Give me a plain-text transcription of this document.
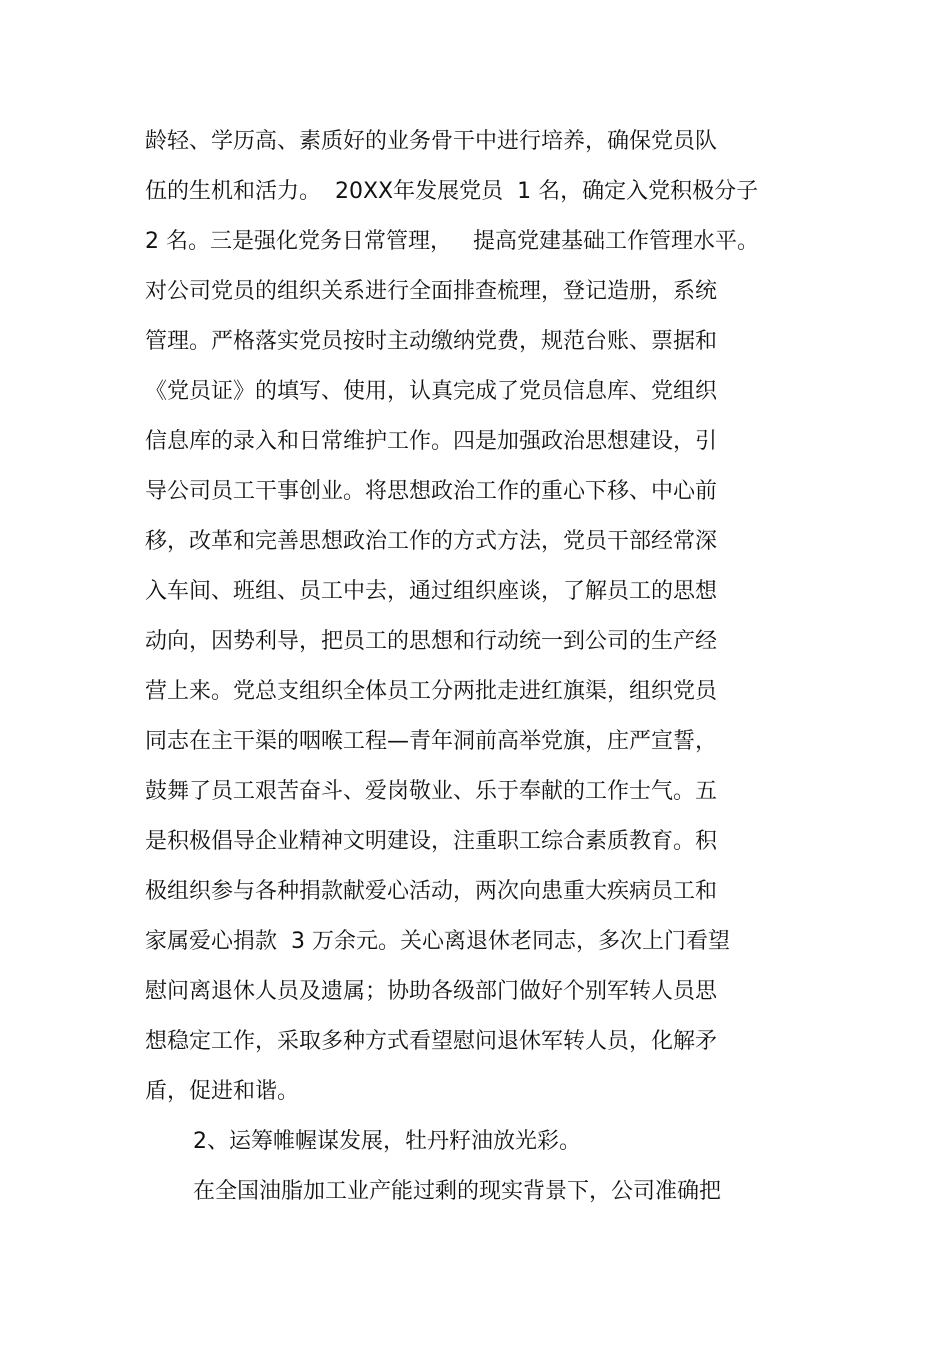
龄轻、学历高、素质好的业务骨干中进行培养，确保党员队
伍的生机和活力。  20XX年发展党员  1 名，确定入党积极分子
2 名。三是强化党务日常管理，   提高党建基础工作管理水平。
对公司党员的组织关系进行全面排查梳理，登记造册，系统
管理。严格落实党员按时主动缴纳党费，规范台账、票据和
《党员证》的填写、使用，认真完成了党员信息库、党组织
信息库的录入和日常维护工作。四是加强政治思想建设，引
导公司员工干事创业。将思想政治工作的重心下移、中心前
移，改革和完善思想政治工作的方式方法，党员干部经常深
入车间、班组、员工中去，通过组织座谈，了解员工的思想
动向，因势利导，把员工的思想和行动统一到公司的生产经
营上来。党总支组织全体员工分两批走进红旗渠，组织党员
同志在主干渠的咽喉工程—青年洞前高举党旗，庄严宣誓，
鼓舞了员工艰苦奋斗、爱岗敬业、乐于奉献的工作士气。五
是积极倡导企业精神文明建设，注重职工综合素质教育。积
极组织参与各种捐款献爱心活动，两次向患重大疾病员工和
家属爱心捐款  3 万余元。关心离退休老同志，多次上门看望
慰问离退休人员及遗属；协助各级部门做好个别军转人员思
想稳定工作，采取多种方式看望慰问退休军转人员，化解矛
盾，促进和谐。
2、运筹帷幄谋发展，牡丹籽油放光彩。
在全国油脂加工业产能过剩的现实背景下，公司准确把
